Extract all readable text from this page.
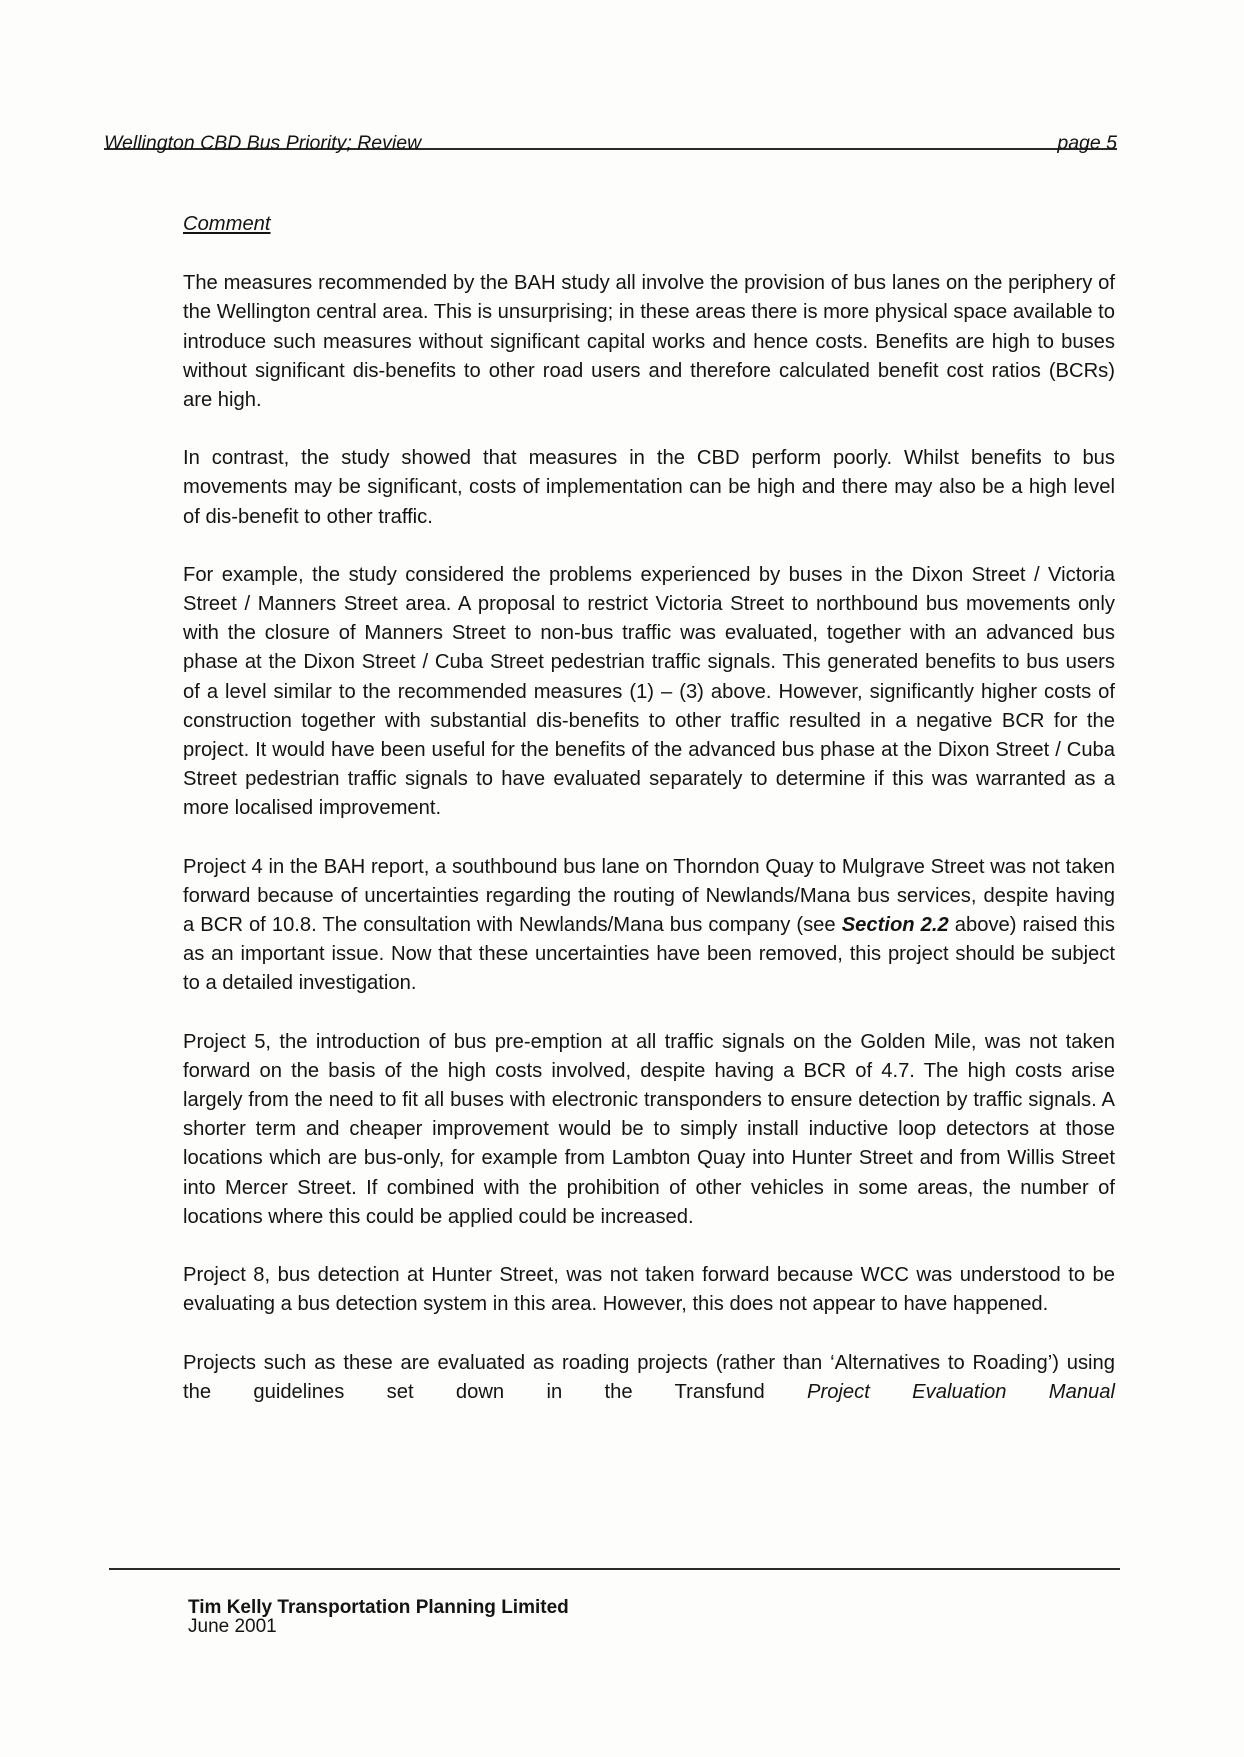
Wellington CBD Bus Priority; Review	page 5
Comment

The measures recommended by the BAH study all involve the provision of bus lanes on the periphery of the Wellington central area. This is unsurprising; in these areas there is more physical space available to introduce such measures without significant capital works and hence costs. Benefits are high to buses without significant dis-benefits to other road users and therefore calculated benefit cost ratios (BCRs) are high.

In contrast, the study showed that measures in the CBD perform poorly. Whilst benefits to bus movements may be significant, costs of implementation can be high and there may also be a high level of dis-benefit to other traffic.

For example, the study considered the problems experienced by buses in the Dixon Street / Victoria Street / Manners Street area. A proposal to restrict Victoria Street to northbound bus movements only with the closure of Manners Street to non-bus traffic was evaluated, together with an advanced bus phase at the Dixon Street / Cuba Street pedestrian traffic signals. This generated benefits to bus users of a level similar to the recommended measures (1) – (3) above. However, significantly higher costs of construction together with substantial dis-benefits to other traffic resulted in a negative BCR for the project. It would have been useful for the benefits of the advanced bus phase at the Dixon Street / Cuba Street pedestrian traffic signals to have evaluated separately to determine if this was warranted as a more localised improvement.

Project 4 in the BAH report, a southbound bus lane on Thorndon Quay to Mulgrave Street was not taken forward because of uncertainties regarding the routing of Newlands/Mana bus services, despite having a BCR of 10.8. The consultation with Newlands/Mana bus company (see Section 2.2 above) raised this as an important issue. Now that these uncertainties have been removed, this project should be subject to a detailed investigation.

Project 5, the introduction of bus pre-emption at all traffic signals on the Golden Mile, was not taken forward on the basis of the high costs involved, despite having a BCR of 4.7. The high costs arise largely from the need to fit all buses with electronic transponders to ensure detection by traffic signals. A shorter term and cheaper improvement would be to simply install inductive loop detectors at those locations which are bus-only, for example from Lambton Quay into Hunter Street and from Willis Street into Mercer Street. If combined with the prohibition of other vehicles in some areas, the number of locations where this could be applied could be increased.

Project 8, bus detection at Hunter Street, was not taken forward because WCC was understood to be evaluating a bus detection system in this area. However, this does not appear to have happened.

Projects such as these are evaluated as roading projects (rather than ‘Alternatives to Roading’) using the guidelines set down in the Transfund Project Evaluation Manual

Tim Kelly Transportation Planning Limited
June 2001
